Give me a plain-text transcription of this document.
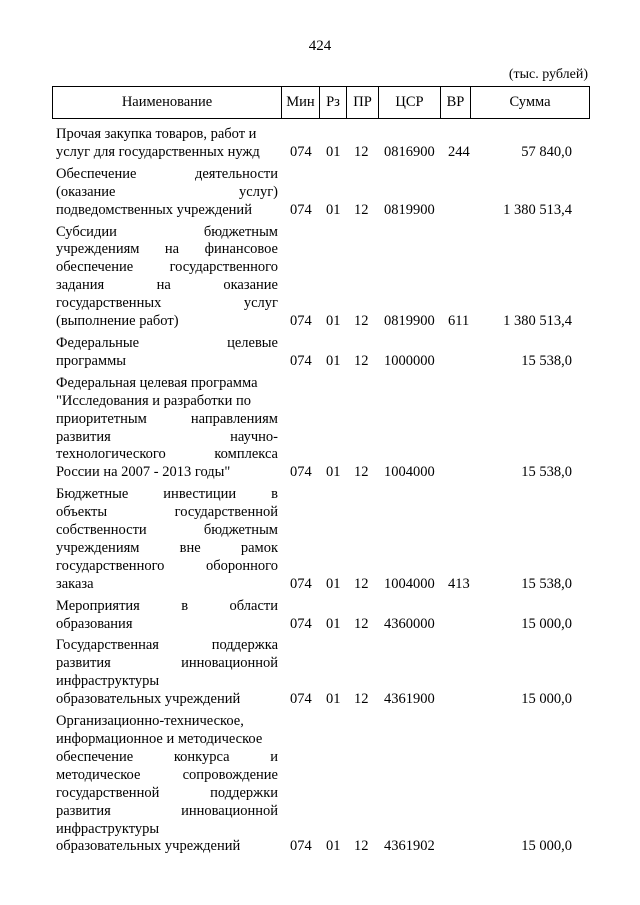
424
(тыс. рублей)
Наименование	Мин Рз ПР	ЦСР	ВР	Сумма
Прочая закупка товаров, работ и
услуг для государственных нужд	074 01 12	0816900 244	57 840,0
Обеспечение	деятельности
(оказание	услуг)
подведомственных учреждений	074 01 12	0819900	1 380 513,4
Субсидии	бюджетным
учреждениям на финансовое
обеспечение	государственного
задания	на	оказание
государственных	услуг
(выполнение работ)	074 01 12	0819900 611	1 380 513,4
Федеральные	целевые
программы	074 01 12	1000000	15 538,0
Федеральная целевая программа
"Исследования и разработки по
приоритетным	направлениям
развития	научно-
технологического	комплекса
России на 2007 - 2013 годы"	074 01 12	1004000	15 538,0
Бюджетные инвестиции в
объекты	государственной
собственности	бюджетным
учреждениям	вне	рамок
государственного	оборонного
заказа	074 01 12	1004000 413	15 538,0
Мероприятия	в	области
образования	074 01 12	4360000	15 000,0
Государственная	поддержка
развития	инновационной
инфраструктуры
образовательных учреждений	074 01 12	4361900	15 000,0
Организационно-техническое,
информационное и методическое
обеспечение	конкурса	и
методическое	сопровождение
государственной	поддержки
развития	инновационной
инфраструктуры
образовательных учреждений	074 01 12	4361902	15 000,0
